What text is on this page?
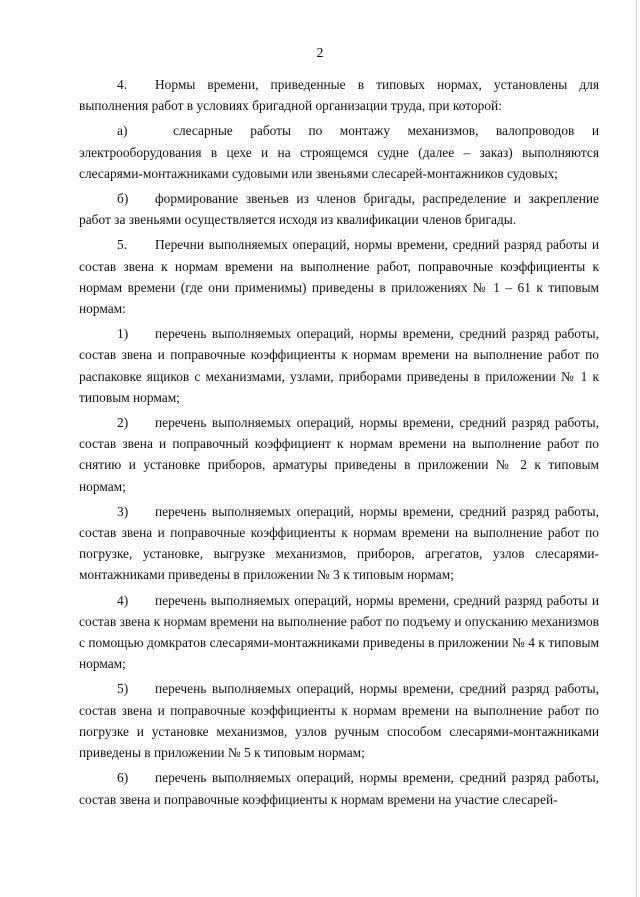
2

4. Нормы времени, приведенные в типовых нормах, установлены для выполнения работ в условиях бригадной организации труда, при которой:

а)	слесарные работы по монтажу механизмов, валопроводов и электрооборудования в цехе и на строящемся судне (далее – заказ) выполняются слесарями-монтажниками судовыми или звеньями слесарей-монтажников судовых;

б) формирование звеньев из членов бригады, распределение и закрепление работ за звеньями осуществляется исходя из квалификации членов бригады.

5. Перечни выполняемых операций, нормы времени, средний разряд работы и состав звена к нормам времени на выполнение работ, поправочные коэффициенты к нормам времени (где они применимы) приведены в приложениях № 1 – 61 к типовым нормам:

1) перечень выполняемых операций, нормы времени, средний разряд работы, состав звена и поправочные коэффициенты к нормам времени на выполнение работ по распаковке ящиков с механизмами, узлами, приборами приведены в приложении № 1 к типовым нормам;

2) перечень выполняемых операций, нормы времени, средний разряд работы, состав звена и поправочный коэффициент к нормам времени на выполнение работ по снятию и установке приборов, арматуры приведены в приложении № 2 к типовым нормам;

3) перечень выполняемых операций, нормы времени, средний разряд работы, состав звена и поправочные коэффициенты к нормам времени на выполнение работ по погрузке, установке, выгрузке механизмов, приборов, агрегатов, узлов слесарями-монтажниками приведены в приложении № 3 к типовым нормам;

4) перечень выполняемых операций, нормы времени, средний разряд работы и состав звена к нормам времени на выполнение работ по подъему и опусканию механизмов с помощью домкратов слесарями-монтажниками приведены в приложении № 4 к типовым нормам;

5) перечень выполняемых операций, нормы времени, средний разряд работы, состав звена и поправочные коэффициенты к нормам времени на выполнение работ по погрузке и установке механизмов, узлов ручным способом слесарями-монтажниками приведены в приложении № 5 к типовым нормам;

6) перечень выполняемых операций, нормы времени, средний разряд работы, состав звена и поправочные коэффициенты к нормам времени на участие слесарей-
